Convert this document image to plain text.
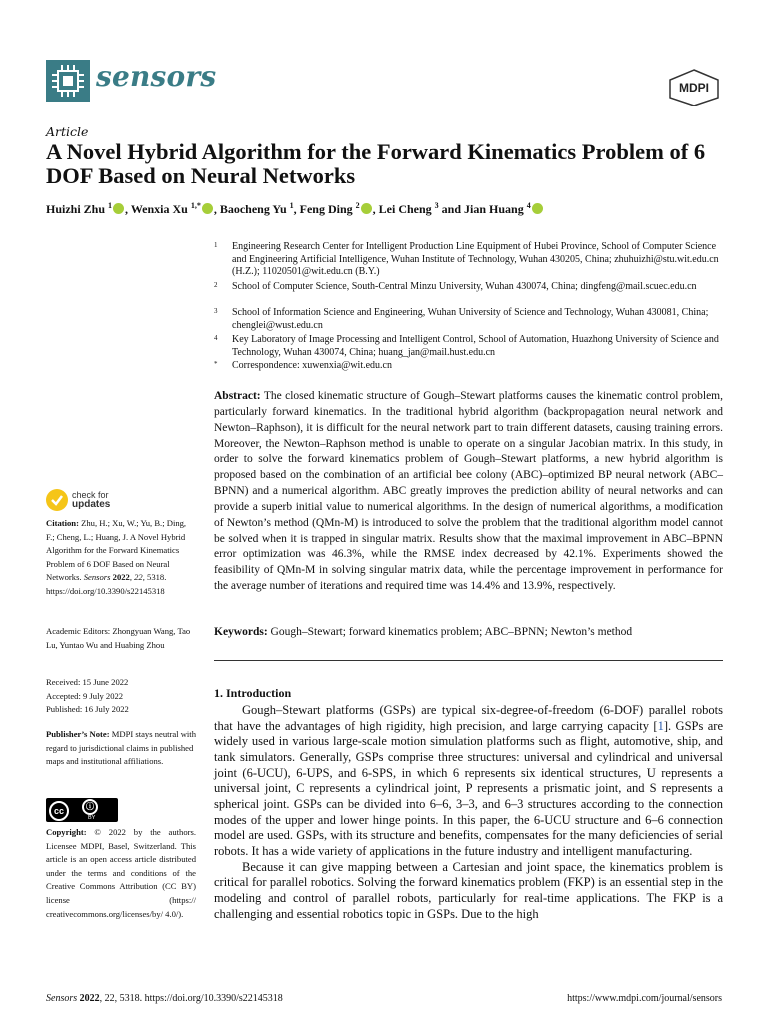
sensors	MDPI
Article
A Novel Hybrid Algorithm for the Forward Kinematics Problem of 6 DOF Based on Neural Networks
Huizhi Zhu $^1$ , Wenxia Xu $^{1,*}$ , Baocheng Yu $^1$, Feng Ding $^2$ , Lei Cheng $^3$ and Jian Huang $^4$
1 Engineering Research Center for Intelligent Production Line Equipment of Hubei Province, School of Computer Science and Engineering Artificial Intelligence, Wuhan Institute of Technology, Wuhan 430205, China; zhuhuizhi@stu.wit.edu.cn (H.Z.); 11020501@wit.edu.cn (B.Y.)
2 School of Computer Science, South-Central Minzu University, Wuhan 430074, China; dingfeng@mail.scuec.edu.cn
3 School of Information Science and Engineering, Wuhan University of Science and Technology, Wuhan 430081, China; chenglei@wust.edu.cn
4 Key Laboratory of Image Processing and Intelligent Control, School of Automation, Huazhong University of Science and Technology, Wuhan 430074, China; huang_jan@mail.hust.edu.cn
* Correspondence: xuwenxia@wit.edu.cn
Abstract: The closed kinematic structure of Gough–Stewart platforms causes the kinematic control problem, particularly forward kinematics. In the traditional hybrid algorithm (backpropagation neural network and Newton–Raphson), it is difficult for the neural network part to train different datasets, causing training errors. Moreover, the Newton–Raphson method is unable to operate on a singular Jacobian matrix. In this study, in order to solve the forward kinematics problem of Gough–Stewart platforms, a new hybrid algorithm is proposed based on the combination of an artificial bee colony (ABC)–optimized BP neural network (ABC–BPNN) and a numerical algorithm. ABC greatly improves the prediction ability of neural networks and can provide a superb initial value to numerical algorithms. In the design of numerical algorithms, a modification of Newton’s method (QMn-M) is introduced to solve the problem that the traditional algorithm model cannot be solved when it is trapped in singular matrix. Results show that the maximal improvement in ABC–BPNN error optimization was 46.3%, while the RMSE index decreased by 42.1%. Experiments showed the feasibility of QMn-M in solving singular matrix data, while the percentage improvement in performance for the average number of iterations and required time was 14.4% and 13.9%, respectively.
Keywords: Gough–Stewart; forward kinematics problem; ABC–BPNN; Newton’s method
1. Introduction

Gough–Stewart platforms (GSPs) are typical six-degree-of-freedom (6-DOF) parallel robots that have the advantages of high rigidity, high precision, and large carrying capacity [1]. GSPs are widely used in various large-scale motion simulation platforms such as flight, automotive, ship, and tank simulators. Generally, GSPs comprise three structures: universal and cylindrical and universal joint (6-UCU), 6-UPS, and 6-SPS, in which 6 represents six identical structures, U represents a universal joint, C represents a cylindrical joint, P represents a prismatic joint, and S represents a spherical joint. GSPs can be divided into 6–6, 3–3, and 6–3 structures according to the connection modes of the upper and lower hinge points. In this paper, the 6-UCU structure and 6–6 connection model are used. GSPs, with its structure and benefits, compensates for the many deficiencies of serial robots. It has a wide variety of applications in the future industry and intelligent manufacturing.

Because it can give mapping between a Cartesian and joint space, the kinematics problem is critical for parallel robotics. Solving the forward kinematics problem (FKP) is an essential step in the modeling and control of parallel robots, particularly for real-time applications. The FKP is a challenging and essential robotics topic in GSPs. Due to the high

check for
updates
Citation: Zhu, H.; Xu, W.; Yu, B.; Ding, F.; Cheng, L.; Huang, J. A Novel Hybrid Algorithm for the Forward Kinematics Problem of 6 DOF Based on Neural Networks. Sensors 2022, 22, 5318. https://doi.org/10.3390/s22145318
Academic Editors: Zhongyuan Wang, Tao Lu, Yuntao Wu and Huabing Zhou
Received: 15 June 2022
Accepted: 9 July 2022
Published: 16 July 2022
Publisher’s Note: MDPI stays neutral with regard to jurisdictional claims in published maps and institutional affiliations.
cc	ⓘ
BY
Copyright: © 2022 by the authors. Licensee MDPI, Basel, Switzerland. This article is an open access article distributed under the terms and conditions of the Creative Commons Attribution (CC BY) license (https:// creativecommons.org/licenses/by/ 4.0/).
Sensors 2022, 22, 5318. https://doi.org/10.3390/s22145318	https://www.mdpi.com/journal/sensors
